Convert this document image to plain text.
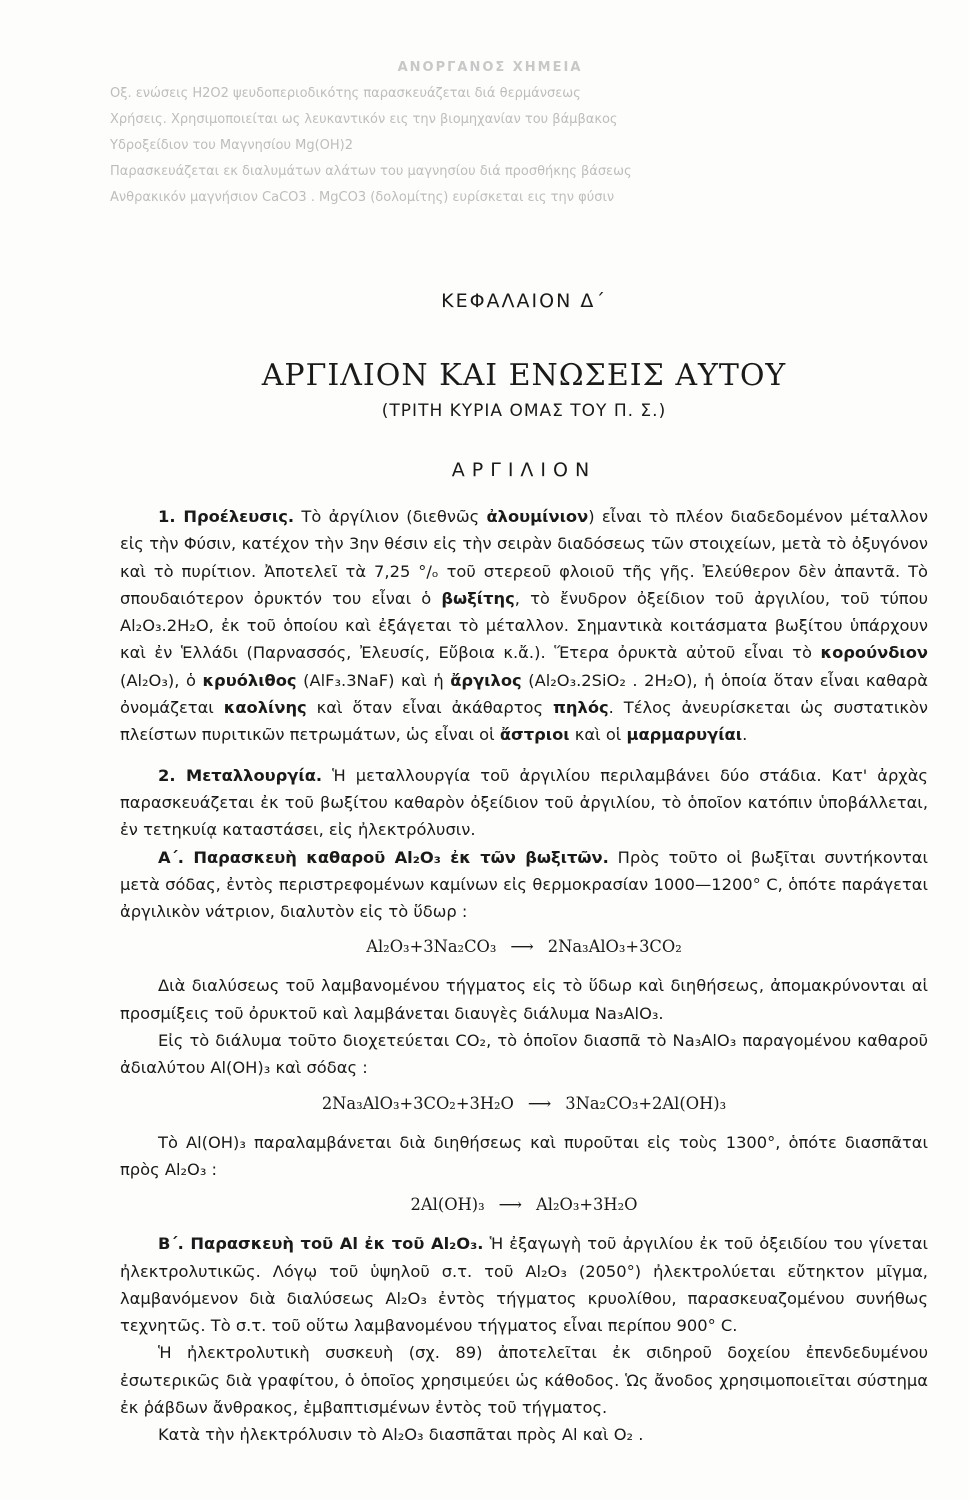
ΑΝΟΡΓΑΝΟΣ ΧΗΜΕΙΑ

Οξ. ενώσεις Η2Ο2 ψευδοπεριοδικότης παρασκευάζεται διά θερμάνσεως

Χρήσεις. Χρησιμοποιείται ως λευκαντικόν εις την βιομηχανίαν του βάμβακος

Υδροξείδιον του Μαγνησίου Mg(OH)2

Παρασκευάζεται εκ διαλυμάτων αλάτων του μαγνησίου διά προσθήκης βάσεως

Ανθρακικόν μαγνήσιον CaCO3 . MgCO3 (δολομίτης) ευρίσκεται εις την φύσιν

ΚΕΦΑΛΑΙΟΝ Δ΄
ΑΡΓΙΛΙΟΝ ΚΑΙ ΕΝΩΣΕΙΣ ΑΥΤΟΥ
(ΤΡΙΤΗ ΚΥΡΙΑ ΟΜΑΣ ΤΟΥ Π. Σ.)
ΑΡΓΙΛΙΟΝ

1. Προέλευσις. Τὸ ἀργίλιον (διεθνῶς ἀλουμίνιον) εἶναι τὸ πλέον διαδεδομένον μέταλλον εἰς τὴν Φύσιν, κατέχον τὴν 3ην θέσιν εἰς τὴν σειρὰν διαδόσεως τῶν στοιχείων, μετὰ τὸ ὀξυγόνον καὶ τὸ πυρίτιον. Ἀποτελεῖ τὰ 7,25 °/ₒ τοῦ στερεοῦ φλοιοῦ τῆς γῆς. Ἐλεύθερον δὲν ἀπαντᾶ. Τὸ σπουδαιότερον ὀρυκτόν του εἶναι ὁ βωξίτης, τὸ ἔνυδρον ὀξείδιον τοῦ ἀργιλίου, τοῦ τύπου Al₂O₃.2H₂O, ἐκ τοῦ ὁποίου καὶ ἐξάγεται τὸ μέταλλον. Σημαντικὰ κοιτάσματα βωξίτου ὑπάρχουν καὶ ἐν Ἑλλάδι (Παρνασσός, Ἐλευσίς, Εὔβοια κ.ἄ.). Ἕτερα ὀρυκτὰ αὐτοῦ εἶναι τὸ κορούνδιον (Al₂O₃), ὁ κρυόλιθος (AlF₃.3NaF) καὶ ἡ ἄργιλος (Al₂O₃.2SiO₂ . 2H₂O), ἡ ὁποία ὅταν εἶναι καθαρὰ ὀνομάζεται καολίνης καὶ ὅταν εἶναι ἀκάθαρτος πηλός. Τέλος ἀνευρίσκεται ὡς συστατικὸν πλείστων πυριτικῶν πετρωμάτων, ὡς εἶναι οἱ ἄστριοι καὶ οἱ μαρμαρυγίαι.

2. Μεταλλουργία. Ἡ μεταλλουργία τοῦ ἀργιλίου περιλαμβάνει δύο στάδια. Κατ' ἀρχὰς παρασκευάζεται ἐκ τοῦ βωξίτου καθαρὸν ὀξείδιον τοῦ ἀργιλίου, τὸ ὁποῖον κατόπιν ὑποβάλλεται, ἐν τετηκυίᾳ καταστάσει, εἰς ἠλεκτρόλυσιν.

Α΄. Παρασκευὴ καθαροῦ Al₂O₃ ἐκ τῶν βωξιτῶν. Πρὸς τοῦτο οἱ βωξῖται συντήκονται μετὰ σόδας, ἐντὸς περιστρεφομένων καμίνων εἰς θερμοκρασίαν 1000—1200° C, ὁπότε παράγεται ἀργιλικὸν νάτριον, διαλυτὸν εἰς τὸ ὕδωρ :

Al₂O₃+3Na₂CO₃ ⟶ 2Na₃AlO₃+3CO₂

Διὰ διαλύσεως τοῦ λαμβανομένου τήγματος εἰς τὸ ὕδωρ καὶ διηθήσεως, ἀπομακρύνονται αἱ προσμίξεις τοῦ ὀρυκτοῦ καὶ λαμβάνεται διαυγὲς διάλυμα Na₃AlO₃.

Εἰς τὸ διάλυμα τοῦτο διοχετεύεται CO₂, τὸ ὁποῖον διασπᾶ τὸ Na₃AlO₃ παραγομένου καθαροῦ ἀδιαλύτου Al(OH)₃ καὶ σόδας :

2Na₃AlO₃+3CO₂+3H₂O ⟶ 3Na₂CO₃+2Al(OH)₃

Τὸ Al(OH)₃ παραλαμβάνεται διὰ διηθήσεως καὶ πυροῦται εἰς τοὺς 1300°, ὁπότε διασπᾶται πρὸς Al₂O₃ :

2Al(OH)₃ ⟶ Al₂O₃+3H₂O

Β΄. Παρασκευὴ τοῦ Al ἐκ τοῦ Al₂O₃. Ἡ ἐξαγωγὴ τοῦ ἀργιλίου ἐκ τοῦ ὀξειδίου του γίνεται ἠλεκτρολυτικῶς. Λόγῳ τοῦ ὑψηλοῦ σ.τ. τοῦ Al₂O₃ (2050°) ἠλεκτρολύεται εὔτηκτον μῖγμα, λαμβανόμενον διὰ διαλύσεως Al₂O₃ ἐντὸς τήγματος κρυολίθου, παρασκευαζομένου συνήθως τεχνητῶς. Τὸ σ.τ. τοῦ οὕτω λαμβανομένου τήγματος εἶναι περίπου 900° C.

Ἡ ἠλεκτρολυτικὴ συσκευὴ (σχ. 89) ἀποτελεῖται ἐκ σιδηροῦ δοχείου ἐπενδεδυμένου ἐσωτερικῶς διὰ γραφίτου, ὁ ὁποῖος χρησιμεύει ὡς κάθοδος. Ὡς ἄνοδος χρησιμοποιεῖται σύστημα ἐκ ῥάβδων ἄνθρακος, ἐμβαπτισμένων ἐντὸς τοῦ τήγματος.

Κατὰ τὴν ἠλεκτρόλυσιν τὸ Al₂O₃ διασπᾶται πρὸς Al καὶ O₂ .
